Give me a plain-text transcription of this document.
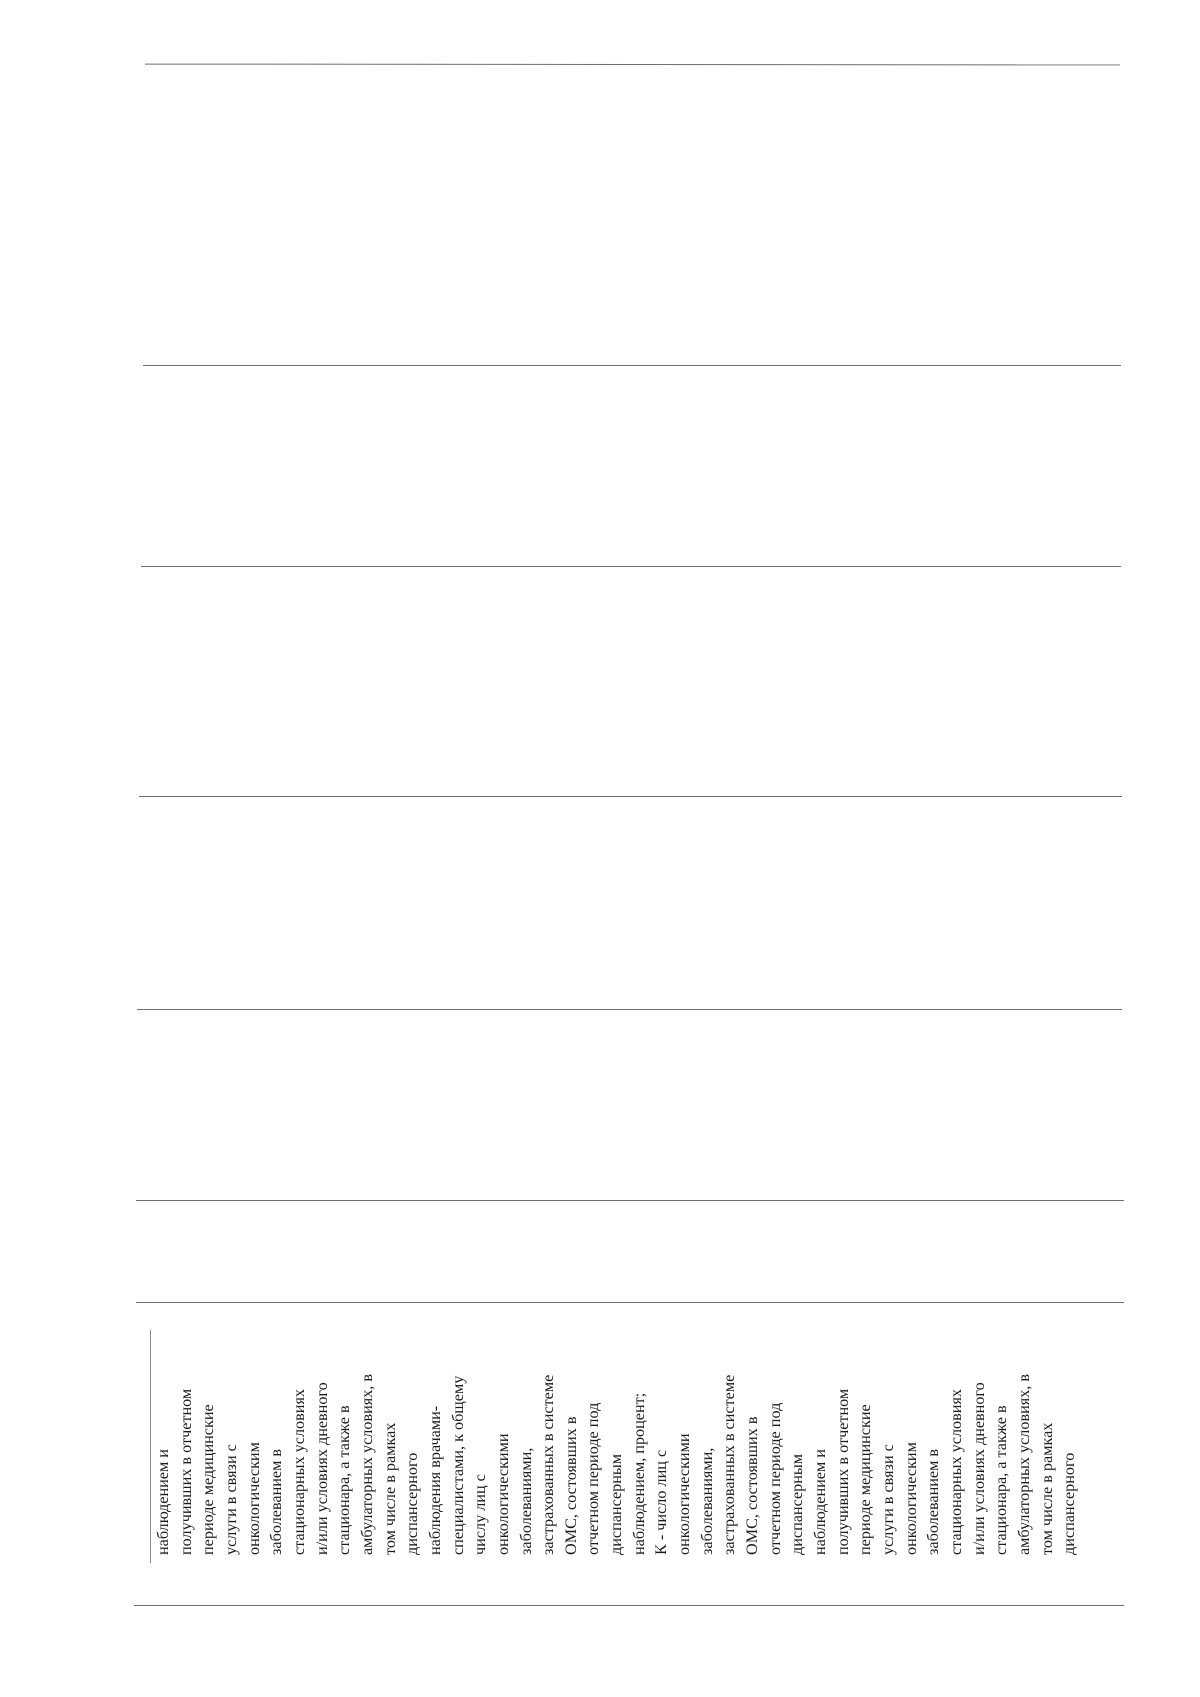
наблюдением и получивших в отчетном периоде медицинские услуги в связи с онкологическим заболеванием в стационарных условиях и/или условиях дневного стационара, а также в амбулаторных условиях, в том числе в рамках диспансерного наблюдения врачами- специалистами, к общему числу лиц с онкологическими заболеваниями, застрахованных в системе ОМС, состоявших в отчетном периоде под диспансерным наблюдением, процент; К - число лиц с онкологическими заболеваниями, застрахованных в системе ОМС, состоявших в отчетном периоде под диспансерным наблюдением и получивших в отчетном периоде медицинские услуги в связи с онкологическим заболеванием в стационарных условиях и/или условиях дневного стационара, а также в амбулаторных условиях, в том числе в рамках диспансерного
